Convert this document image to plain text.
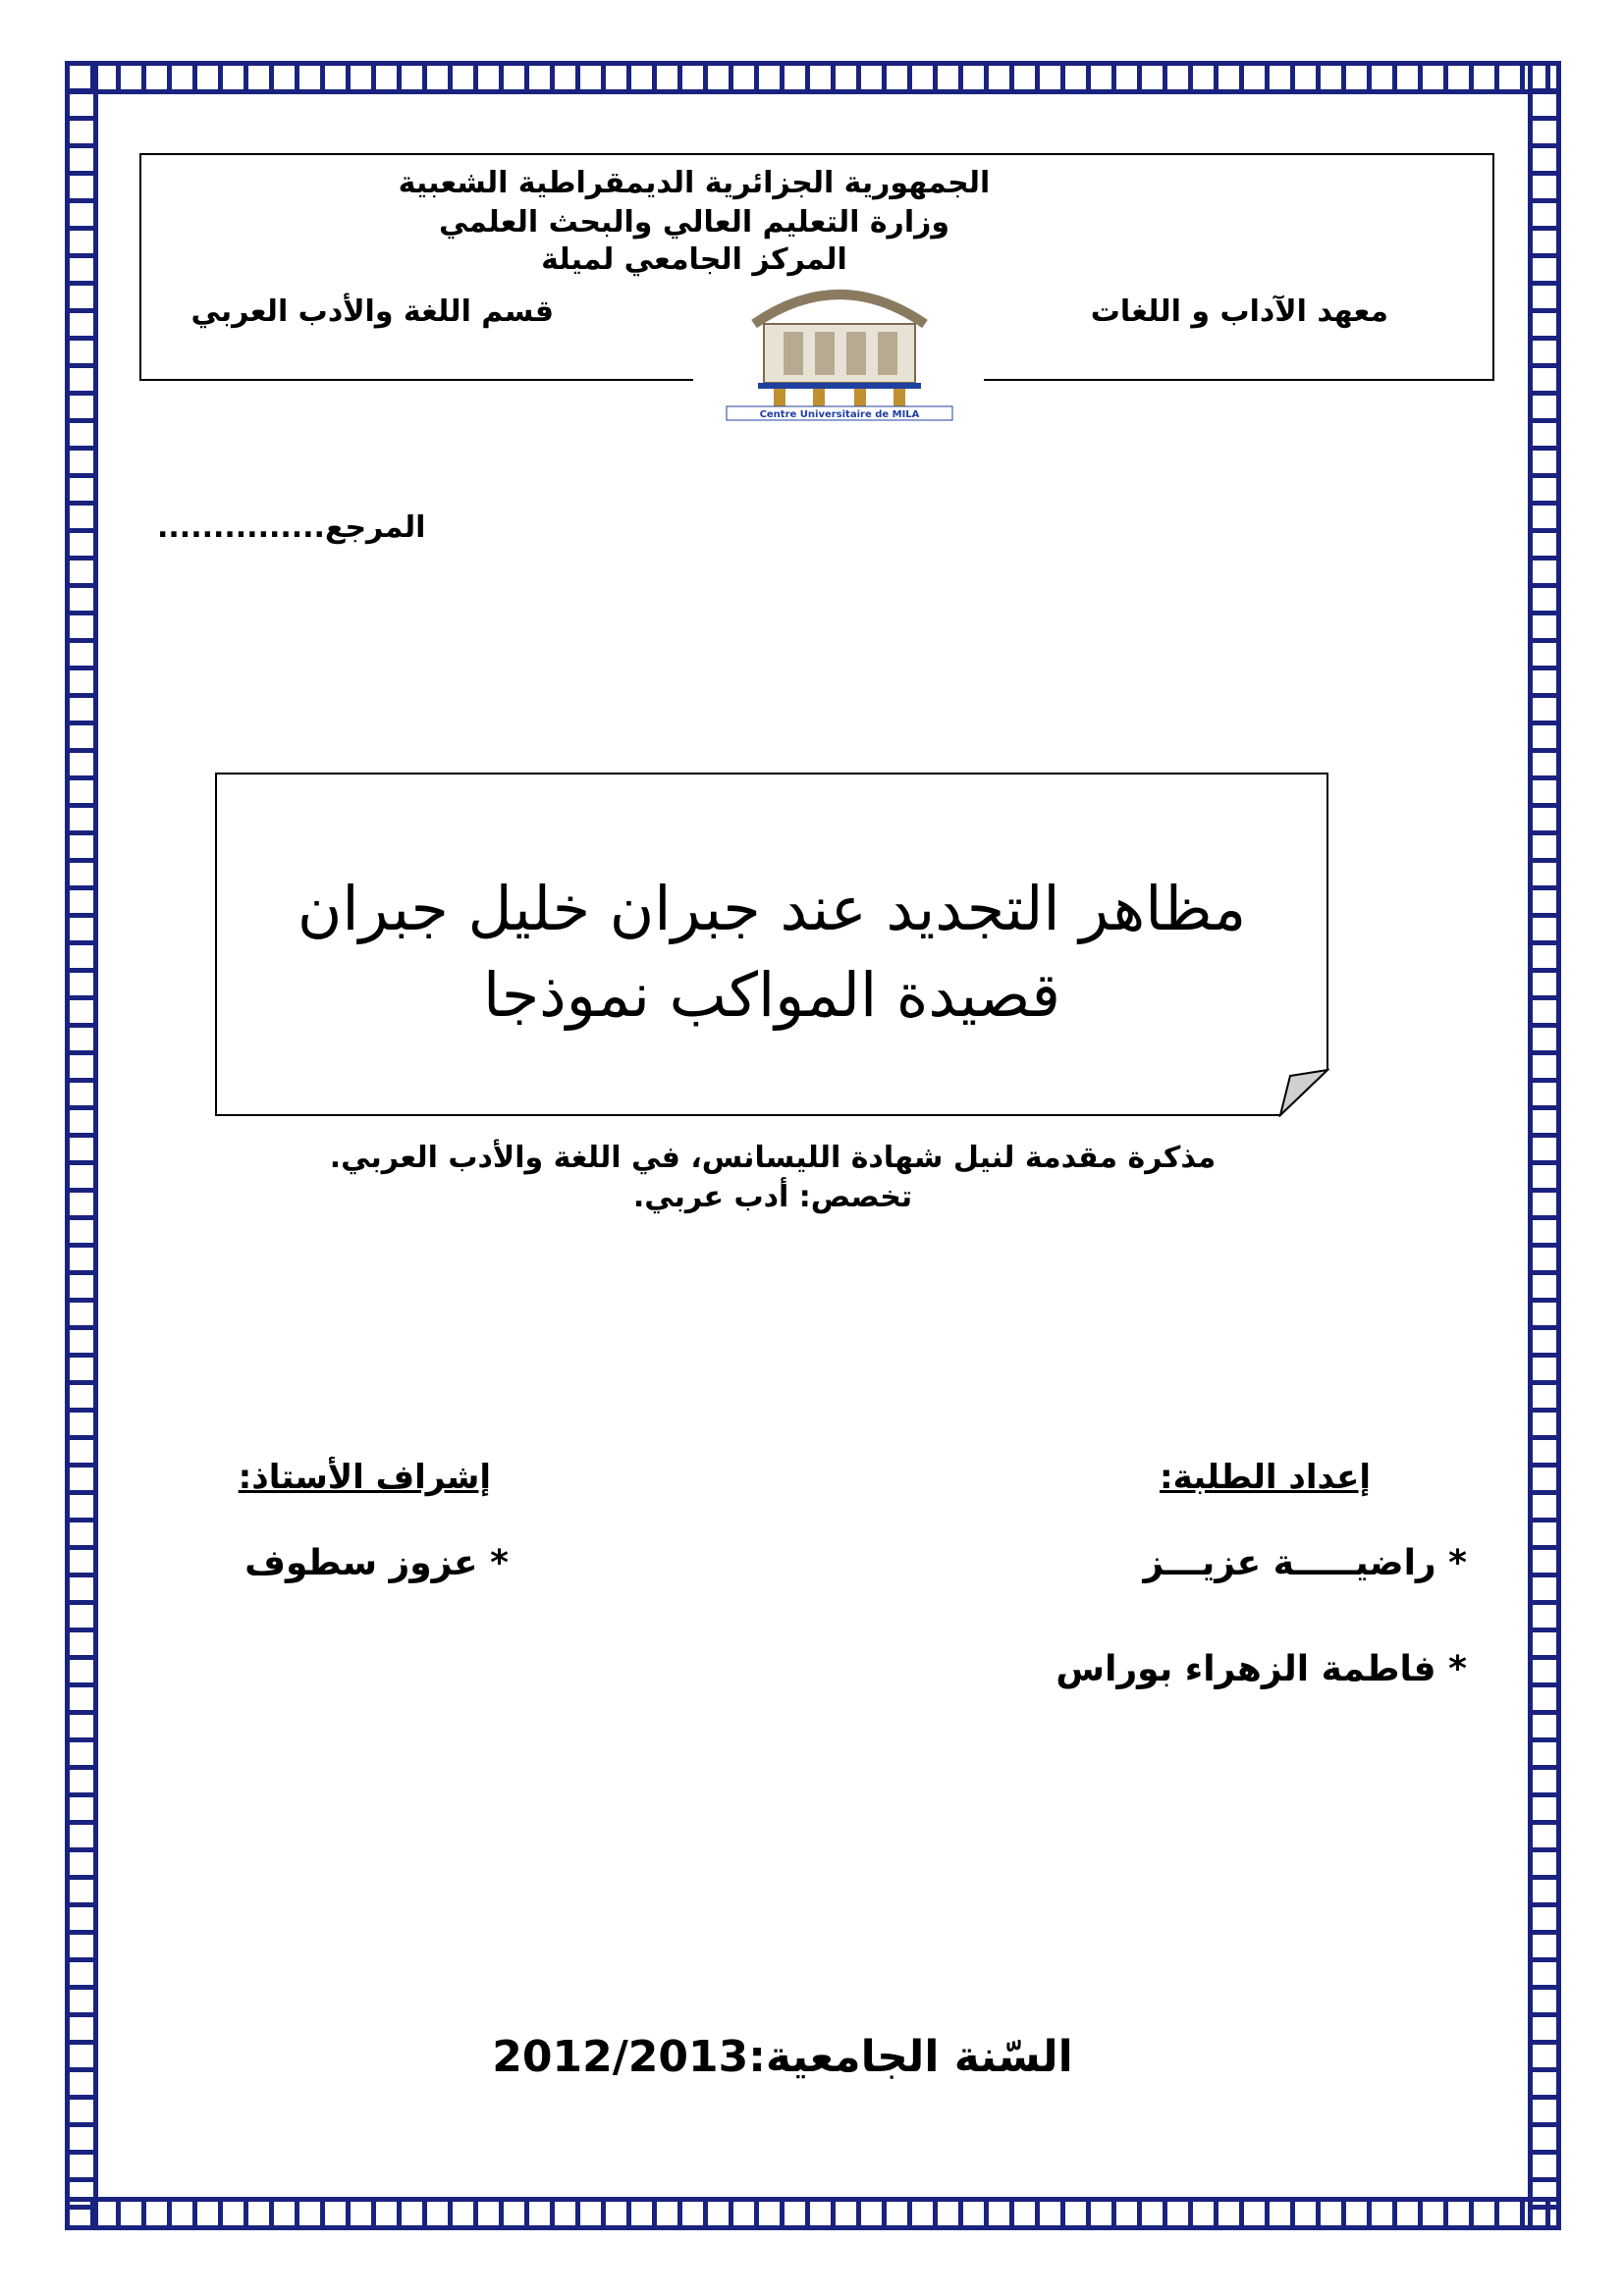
الجمهورية الجزائرية الديمقراطية الشعبية
وزارة التعليم العالي والبحث العلمي
المركز الجامعي لميلة
معهد الآداب و اللغات
قسم اللغة والأدب العربي
Centre Universitaire de MILA
المرجع...............
مظاهر التجديد عند جبران خليل جبران
قصيدة المواكب نموذجا
مذكرة مقدمة لنيل شهادة الليسانس، في اللغة والأدب العربي.
تخصص: أدب عربي.
إعداد الطلبة:
إشراف الأستاذ:
* راضيـــــة عزيـــز
* فاطمة الزهراء بوراس
* عزوز سطوف
السّنة الجامعية:2012/2013
